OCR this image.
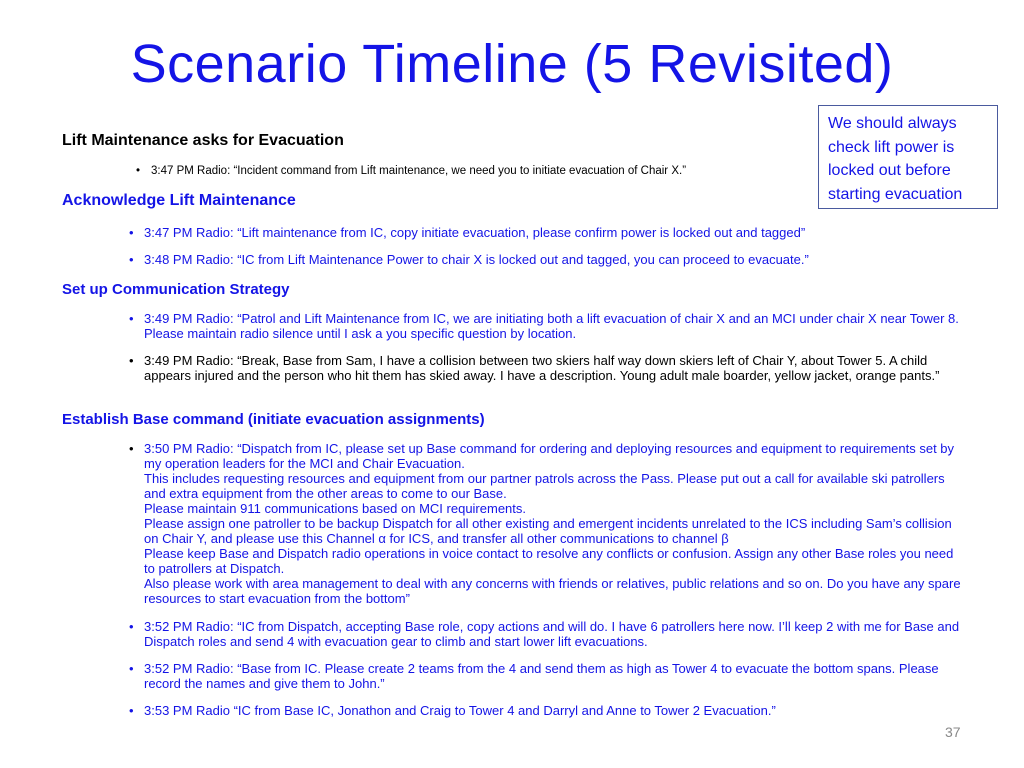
Scenario Timeline (5 Revisited)
We should always check lift power is locked out before starting evacuation
Lift Maintenance asks for Evacuation
• 3:47 PM Radio: “Incident command from Lift maintenance, we need you to initiate evacuation of Chair X.”
Acknowledge Lift Maintenance
• 3:47 PM Radio: “Lift maintenance from IC, copy initiate evacuation, please confirm power is locked out and tagged”
• 3:48 PM Radio: “IC from Lift Maintenance Power to chair X is locked out and tagged, you can proceed to evacuate.”
Set up Communication Strategy
• 3:49 PM Radio: “Patrol and Lift Maintenance from IC, we are initiating both a lift evacuation of chair X and an MCI under chair X near Tower 8. Please maintain radio silence until I ask a you specific question by location.
• 3:49 PM Radio: “Break, Base from Sam, I have a collision between two skiers half way down skiers left of Chair Y, about Tower 5. A child appears injured and the person who hit them has skied away. I have a description. Young adult male boarder, yellow jacket, orange pants.”
Establish Base command (initiate evacuation assignments)
• 3:50 PM Radio: “Dispatch from IC, please set up Base command for ordering and deploying resources and equipment to requirements set by my operation leaders for the MCI and Chair Evacuation.
This includes requesting resources and equipment from our partner patrols across the Pass. Please put out a call for available ski patrollers and extra equipment from the other areas to come to our Base.
Please maintain 911 communications based on MCI requirements.
Please assign one patroller to be backup Dispatch for all other existing and emergent incidents unrelated to the ICS including Sam’s collision on Chair Y, and please use this Channel α for ICS, and transfer all other communications to channel β
Please keep Base and Dispatch radio operations in voice contact to resolve any conflicts or confusion. Assign any other Base roles you need to patrollers at Dispatch.
Also please work with area management to deal with any concerns with friends or relatives, public relations and so on. Do you have any spare resources to start evacuation from the bottom”
• 3:52 PM Radio: “IC from Dispatch, accepting Base role, copy actions and will do. I have 6 patrollers here now. I’ll keep 2 with me for Base and Dispatch roles and send 4 with evacuation gear to climb and start lower lift evacuations.
• 3:52 PM Radio: “Base from IC. Please create 2 teams from the 4 and send them as high as Tower 4 to evacuate the bottom spans. Please record the names and give them to John.”
• 3:53 PM Radio “IC from Base IC, Jonathon and Craig to Tower 4 and Darryl and Anne to Tower 2 Evacuation.”
37
